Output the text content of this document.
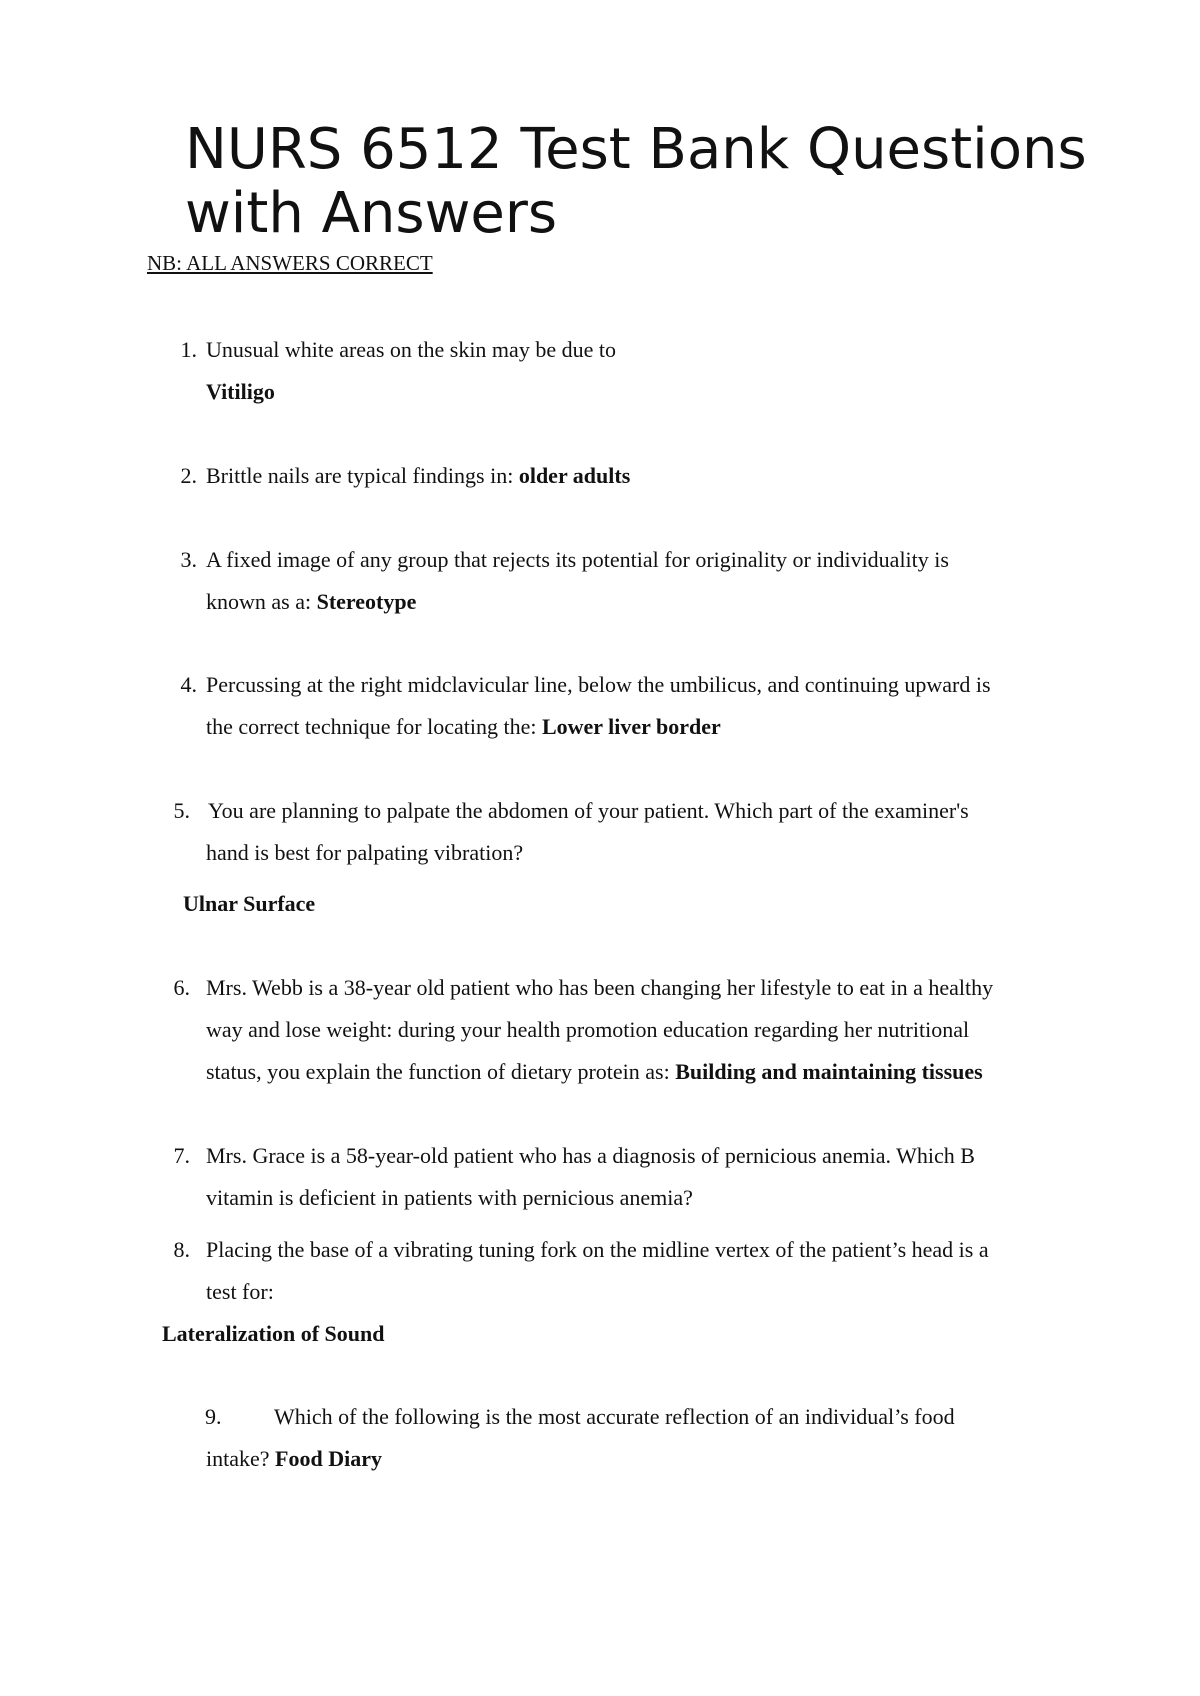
NURS 6512 Test Bank Questions with Answers
NB: ALL ANSWERS CORRECT
1. Unusual white areas on the skin may be due to
Vitiligo
2. Brittle nails are typical findings in: older adults
3. A fixed image of any group that rejects its potential for originality or individuality is
known as a: Stereotype
4. Percussing at the right midclavicular line, below the umbilicus, and continuing upward is
the correct technique for locating the: Lower liver border
5. You are planning to palpate the abdomen of your patient. Which part of the examiner's
hand is best for palpating vibration?
Ulnar Surface
6. Mrs. Webb is a 38-year old patient who has been changing her lifestyle to eat in a healthy
way and lose weight: during your health promotion education regarding her nutritional
status, you explain the function of dietary protein as: Building and maintaining tissues
7. Mrs. Grace is a 58-year-old patient who has a diagnosis of pernicious anemia. Which B
vitamin is deficient in patients with pernicious anemia?
8. Placing the base of a vibrating tuning fork on the midline vertex of the patient’s head is a
test for:
Lateralization of Sound
9. Which of the following is the most accurate reflection of an individual’s food
intake? Food Diary
